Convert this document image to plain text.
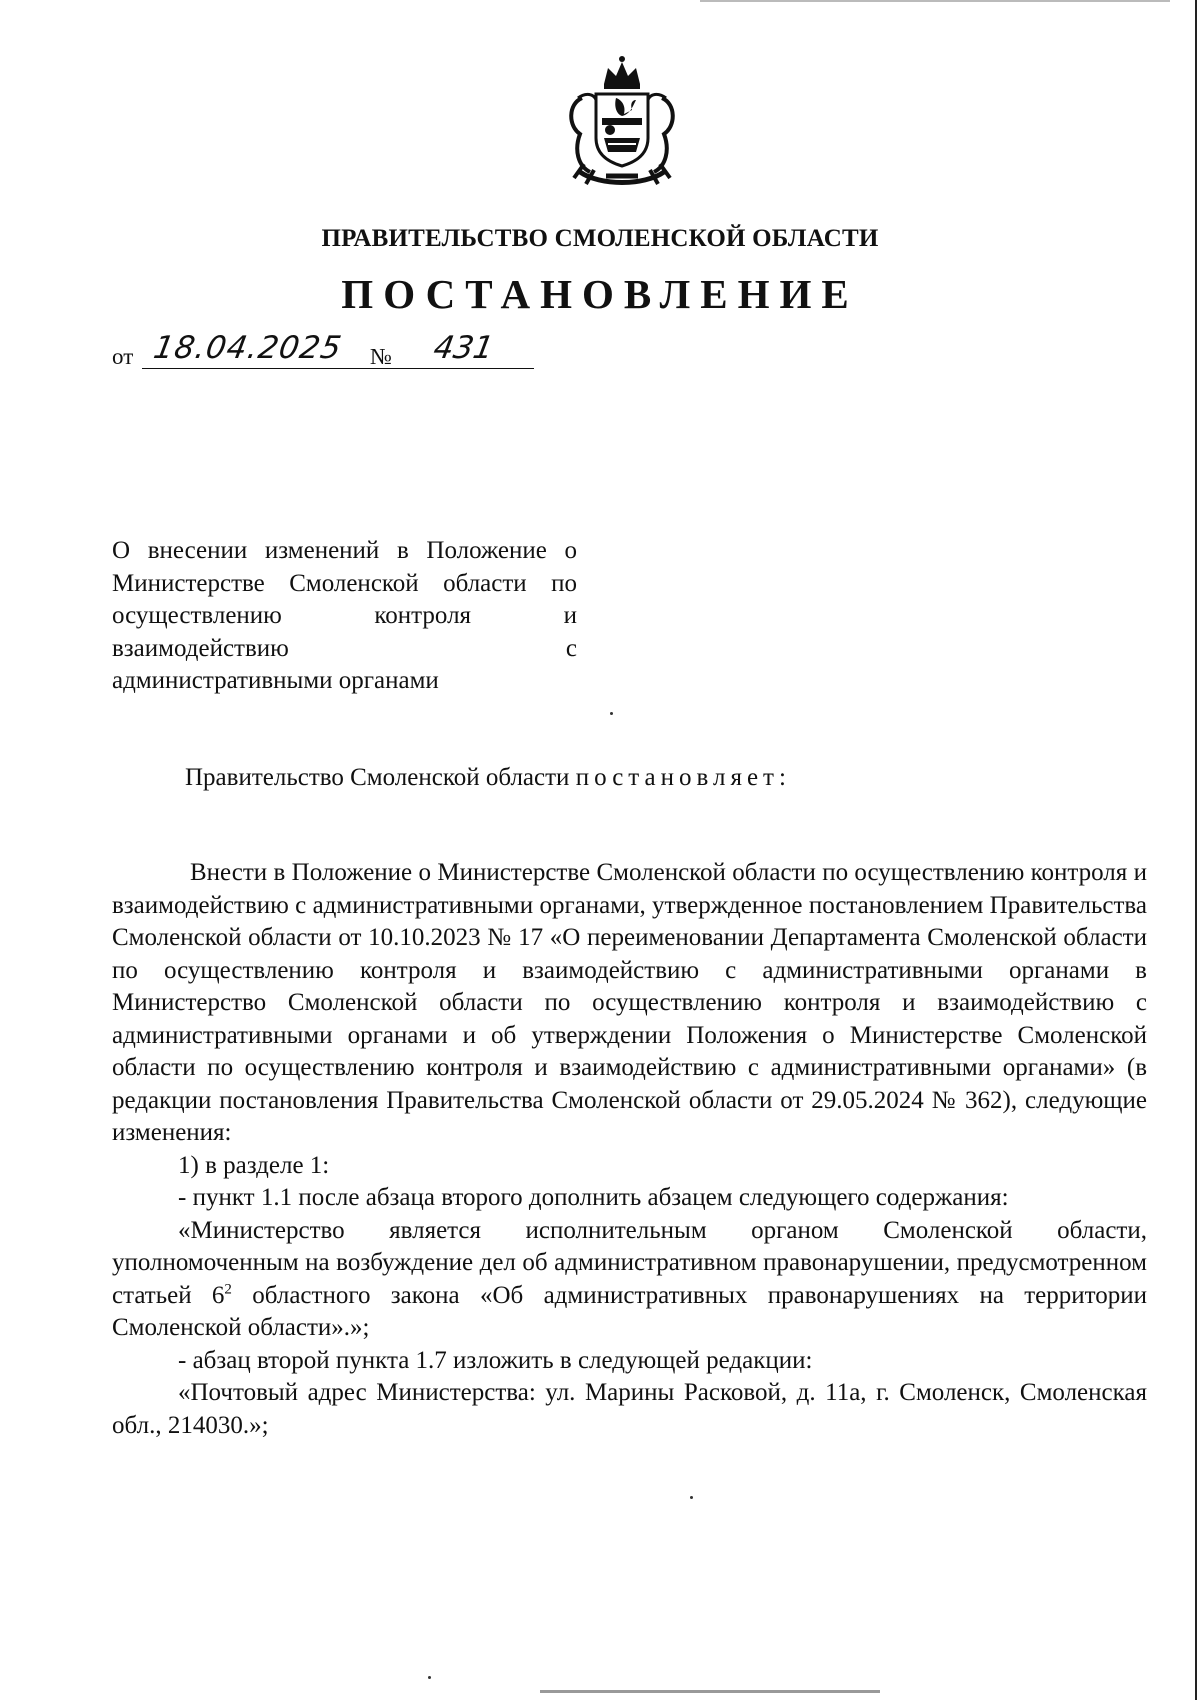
ПРАВИТЕЛЬСТВО СМОЛЕНСКОЙ ОБЛАСТИ
ПОСТАНОВЛЕНИЕ
от 18.04.2025 № 431
О внесении изменений в Положение о
Министерстве Смоленской области по
осуществлению контроля и
взаимодействию с
административными органами
Правительство Смоленской области постановляет:

Внести в Положение о Министерстве Смоленской области по осуществлению контроля и взаимодействию с административными органами, утвержденное постановлением Правительства Смоленской области от 10.10.2023 № 17 «О переименовании Департамента Смоленской области по осуществлению контроля и взаимодействию с административными органами в Министерство Смоленской области по осуществлению контроля и взаимодействию с административными органами и об утверждении Положения о Министерстве Смоленской области по осуществлению контроля и взаимодействию с административными органами» (в редакции постановления Правительства Смоленской области от 29.05.2024 № 362), следующие изменения:

1) в разделе 1:

- пункт 1.1 после абзаца второго дополнить абзацем следующего содержания:

«Министерство является исполнительным органом Смоленской области, уполномоченным на возбуждение дел об административном правонарушении, предусмотренном статьей $6^2$ областного закона «Об административных правонарушениях на территории Смоленской области».»;

- абзац второй пункта 1.7 изложить в следующей редакции:

«Почтовый адрес Министерства: ул. Марины Расковой, д. 11а, г. Смоленск, Смоленская обл., 214030.»;
